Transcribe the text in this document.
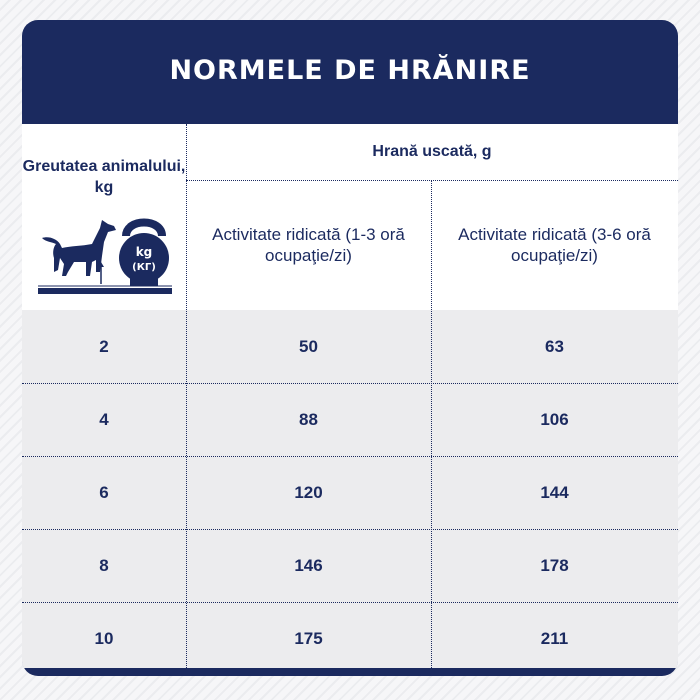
NORMELE DE HRĂNIRE
Greutatea animalului, kg
kg
(КГ)
Hrană uscată, g
Activitate ridicată (1-3 oră ocupaţie/zi)
Activitate ridicată (3-6 oră ocupaţie/zi)
2	50	63
4	88	106
6	120	144
8	146	178
10	175	211
